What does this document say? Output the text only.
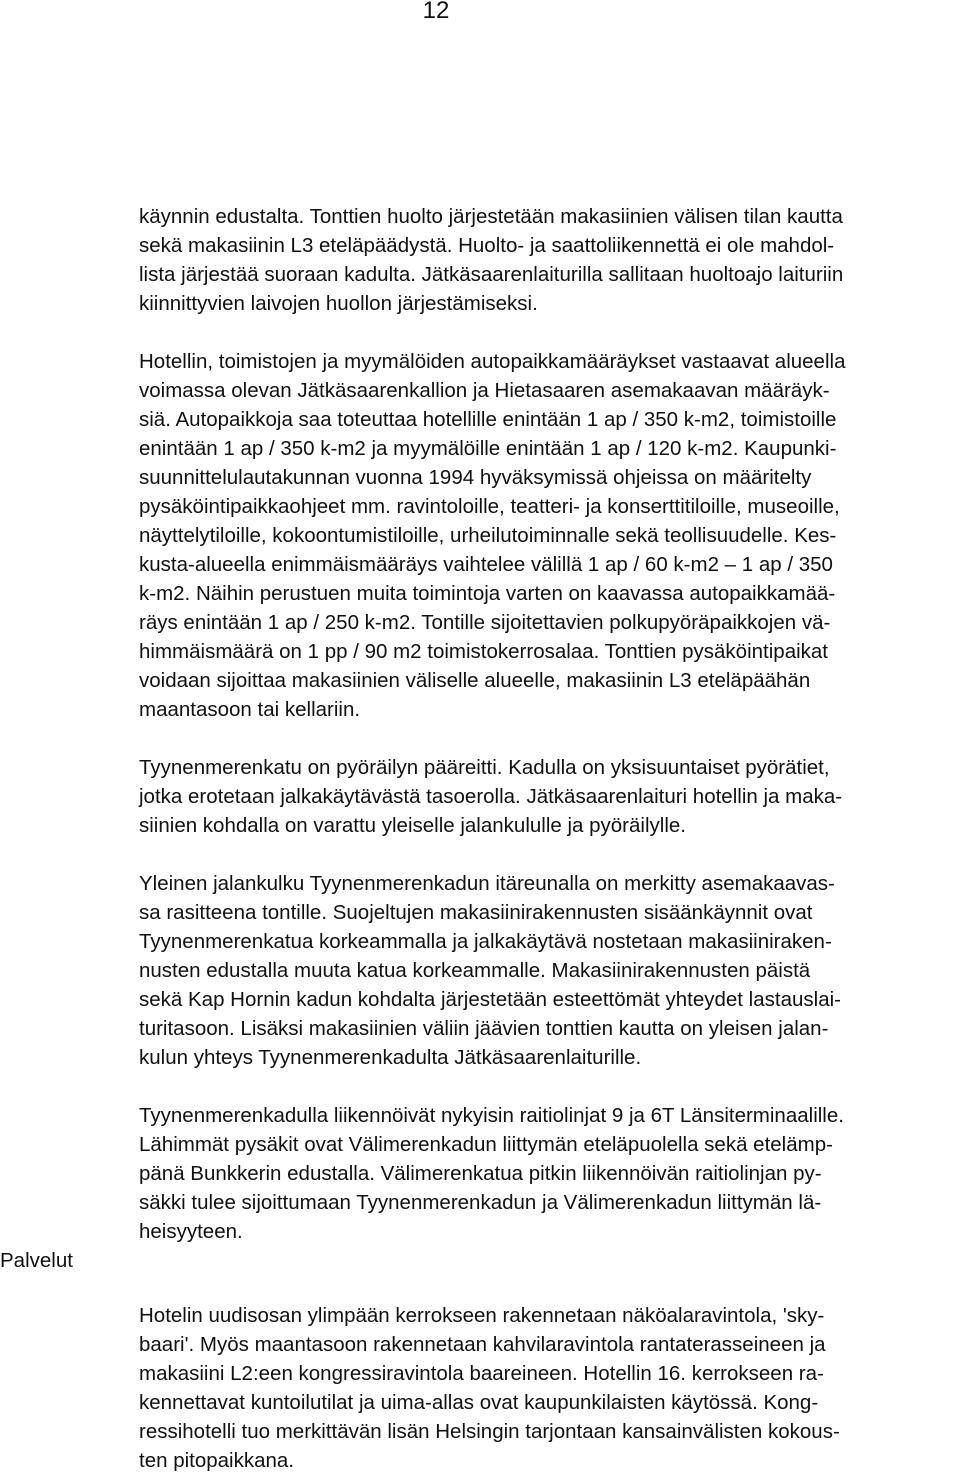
12
käynnin edustalta. Tonttien huolto järjestetään makasiinien välisen tilan kautta
sekä makasiinin L3 eteläpäädystä. Huolto- ja saattoliikennettä ei ole mahdol-
lista järjestää suoraan kadulta. Jätkäsaarenlaiturilla sallitaan huoltoajo laituriin
kiinnittyvien laivojen huollon järjestämiseksi.
Hotellin, toimistojen ja myymälöiden autopaikkamääräykset vastaavat alueella
voimassa olevan Jätkäsaarenkallion ja Hietasaaren asemakaavan määräyk-
siä. Autopaikkoja saa toteuttaa hotellille enintään 1 ap / 350 k-m2, toimistoille
enintään 1 ap / 350 k-m2 ja myymälöille enintään 1 ap / 120 k-m2. Kaupunki-
suunnittelulautakunnan vuonna 1994 hyväksymissä ohjeissa on määritelty
pysäköintipaikkaohjeet mm. ravintoloille, teatteri- ja konserttitiloille, museoille,
näyttelytiloille, kokoontumistiloille, urheilutoiminnalle sekä teollisuudelle. Kes-
kusta-alueella enimmäismääräys vaihtelee välillä 1 ap / 60 k-m2 – 1 ap / 350
k-m2. Näihin perustuen muita toimintoja varten on kaavassa autopaikkamää-
räys enintään 1 ap / 250 k-m2. Tontille sijoitettavien polkupyöräpaikkojen vä-
himmäismäärä on 1 pp / 90 m2 toimistokerrosalaa. Tonttien pysäköintipaikat
voidaan sijoittaa makasiinien väliselle alueelle, makasiinin L3 eteläpäähän
maantasoon tai kellariin.
Tyynenmerenkatu on pyöräilyn pääreitti. Kadulla on yksisuuntaiset pyörätiet,
jotka erotetaan jalkakäytävästä tasoerolla. Jätkäsaarenlaituri hotellin ja maka-
siinien kohdalla on varattu yleiselle jalankululle ja pyöräilylle.
Yleinen jalankulku Tyynenmerenkadun itäreunalla on merkitty asemakaavas-
sa rasitteena tontille. Suojeltujen makasiinirakennusten sisäänkäynnit ovat
Tyynenmerenkatua korkeammalla ja jalkakäytävä nostetaan makasiiniraken-
nusten edustalla muuta katua korkeammalle. Makasiinirakennusten päistä
sekä Kap Hornin kadun kohdalta järjestetään esteettömät yhteydet lastauslai-
turitasoon. Lisäksi makasiinien väliin jäävien tonttien kautta on yleisen jalan-
kulun yhteys Tyynenmerenkadulta Jätkäsaarenlaiturille.
Tyynenmerenkadulla liikennöivät nykyisin raitiolinjat 9 ja 6T Länsiterminaalille.
Lähimmät pysäkit ovat Välimerenkadun liittymän eteläpuolella sekä etelämp-
pänä Bunkkerin edustalla. Välimerenkatua pitkin liikennöivän raitiolinjan py-
säkki tulee sijoittumaan Tyynenmerenkadun ja Välimerenkadun liittymän lä-
heisyyteen.
Palvelut
Hotelin uudisosan ylimpään kerrokseen rakennetaan näköalaravintola, 'sky-
baari'. Myös maantasoon rakennetaan kahvilaravintola rantaterasseineen ja
makasiini L2:een kongressiravintola baareineen. Hotellin 16. kerrokseen ra-
kennettavat kuntoilutilat ja uima-allas ovat kaupunkilaisten käytössä. Kong-
ressihotelli tuo merkittävän lisän Helsingin tarjontaan kansainvälisten kokous-
ten pitopaikkana.
